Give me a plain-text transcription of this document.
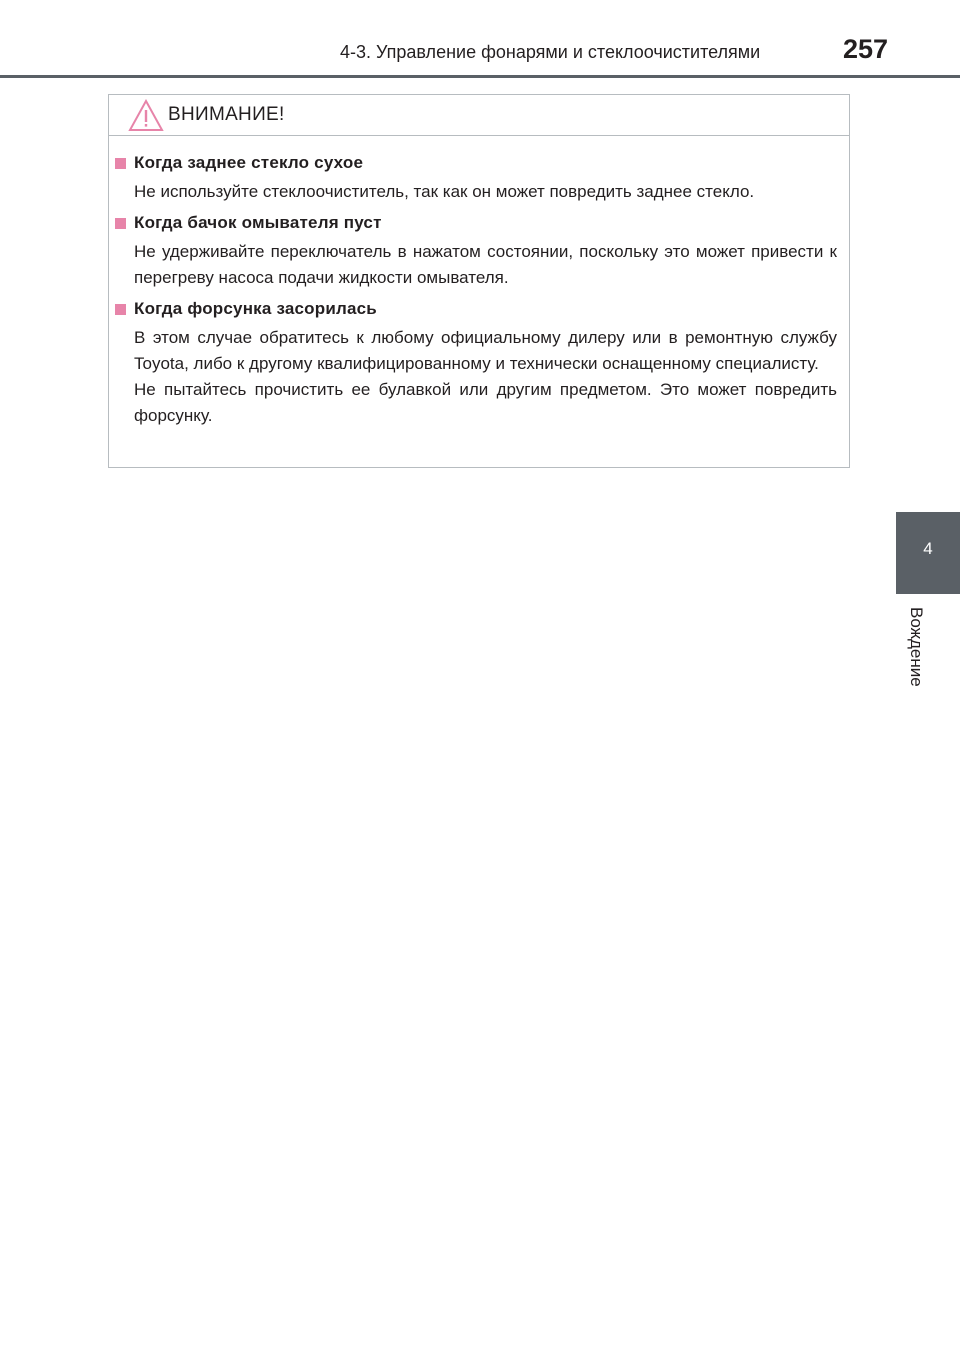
4-3. Управление фонарями и стеклоочистителями	257
ВНИМАНИЕ!
Когда заднее стекло сухое
Не используйте стеклоочиститель, так как он может повредить заднее стекло.
Когда бачок омывателя пуст
Не удерживайте переключатель в нажатом состоянии, поскольку это может привести к перегреву насоса подачи жидкости омывателя.
Когда форсунка засорилась
В этом случае обратитесь к любому официальному дилеру или в ремонтную службу Toyota, либо к другому квалифицированному и технически оснащенному специалисту.
Не пытайтесь прочистить ее булавкой или другим предметом. Это может повредить форсунку.
4
Вождение
